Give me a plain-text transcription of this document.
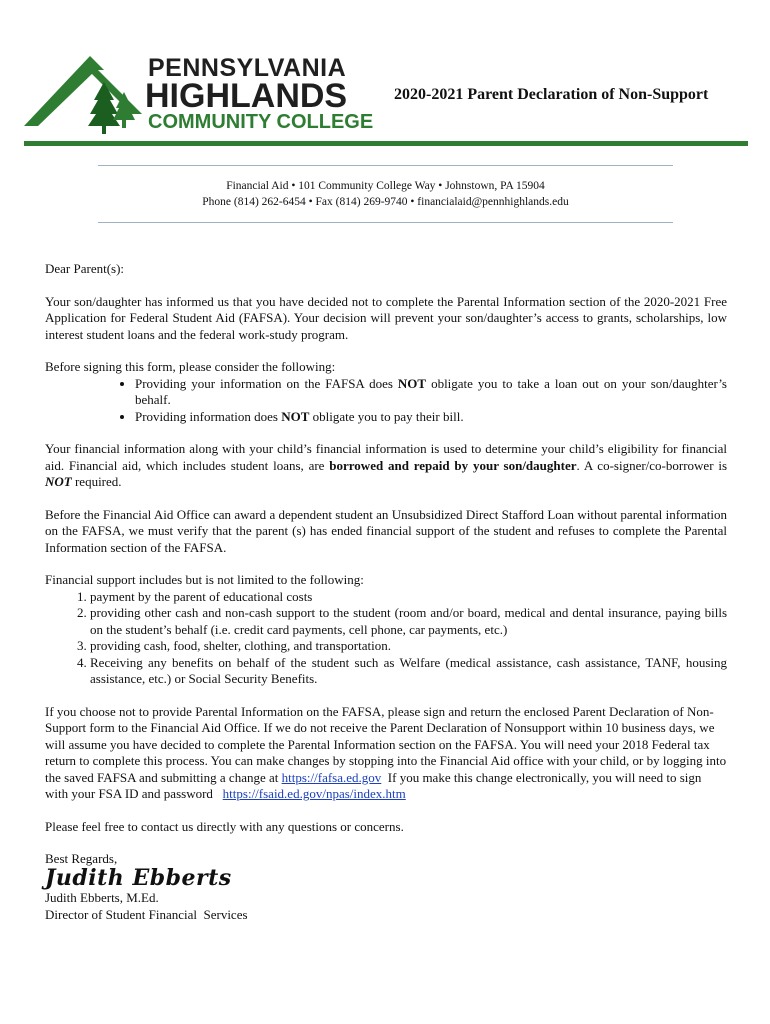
PENNSYLVANIA
HIGHLANDS
COMMUNITY COLLEGE
2020-2021 Parent Declaration of Non-Support
Financial Aid • 101 Community College Way • Johnstown, PA 15904
Phone (814) 262-6454 • Fax (814) 269-9740 • financialaid@pennhighlands.edu

Dear Parent(s):

Your son/daughter has informed us that you have decided not to complete the Parental Information section of the 2020-2021 Free Application for Federal Student Aid (FAFSA). Your decision will prevent your son/daughter’s access to grants, scholarships, low interest student loans and the federal work-study program.

Before signing this form, please consider the following:

• Providing your information on the FAFSA does NOT obligate you to take a loan out on your son/daughter’s behalf.
• Providing information does NOT obligate you to pay their bill.

Your financial information along with your child’s financial information is used to determine your child’s eligibility for financial aid. Financial aid, which includes student loans, are borrowed and repaid by your son/daughter. A co-signer/co-borrower is NOT required.

Before the Financial Aid Office can award a dependent student an Unsubsidized Direct Stafford Loan without parental information on the FAFSA, we must verify that the parent (s) has ended financial support of the student and refuses to complete the Parental Information section of the FAFSA.

Financial support includes but is not limited to the following:

1. payment by the parent of educational costs
2. providing other cash and non-cash support to the student (room and/or board, medical and dental insurance, paying bills on the student’s behalf (i.e. credit card payments, cell phone, car payments, etc.)
3. providing cash, food, shelter, clothing, and transportation.
4. Receiving any benefits on behalf of the student such as Welfare (medical assistance, cash assistance, TANF, housing assistance, etc.) or Social Security Benefits.

If you choose not to provide Parental Information on the FAFSA, please sign and return the enclosed Parent Declaration of Non-Support form to the Financial Aid Office. If we do not receive the Parent Declaration of Nonsupport within 10 business days, we will assume you have decided to complete the Parental Information section on the FAFSA. You will need your 2018 Federal tax return to complete this process. You can make changes by stopping into the Financial Aid office with your child, or by logging into the saved FAFSA and submitting a change at https://fafsa.ed.gov  If you make this change electronically, you will need to sign with your FSA ID and password   https://fsaid.ed.gov/npas/index.htm

Please feel free to contact us directly with any questions or concerns.

Best Regards,

Judith Ebberts
Judith Ebberts, M.Ed.
Director of Student Financial  Services
